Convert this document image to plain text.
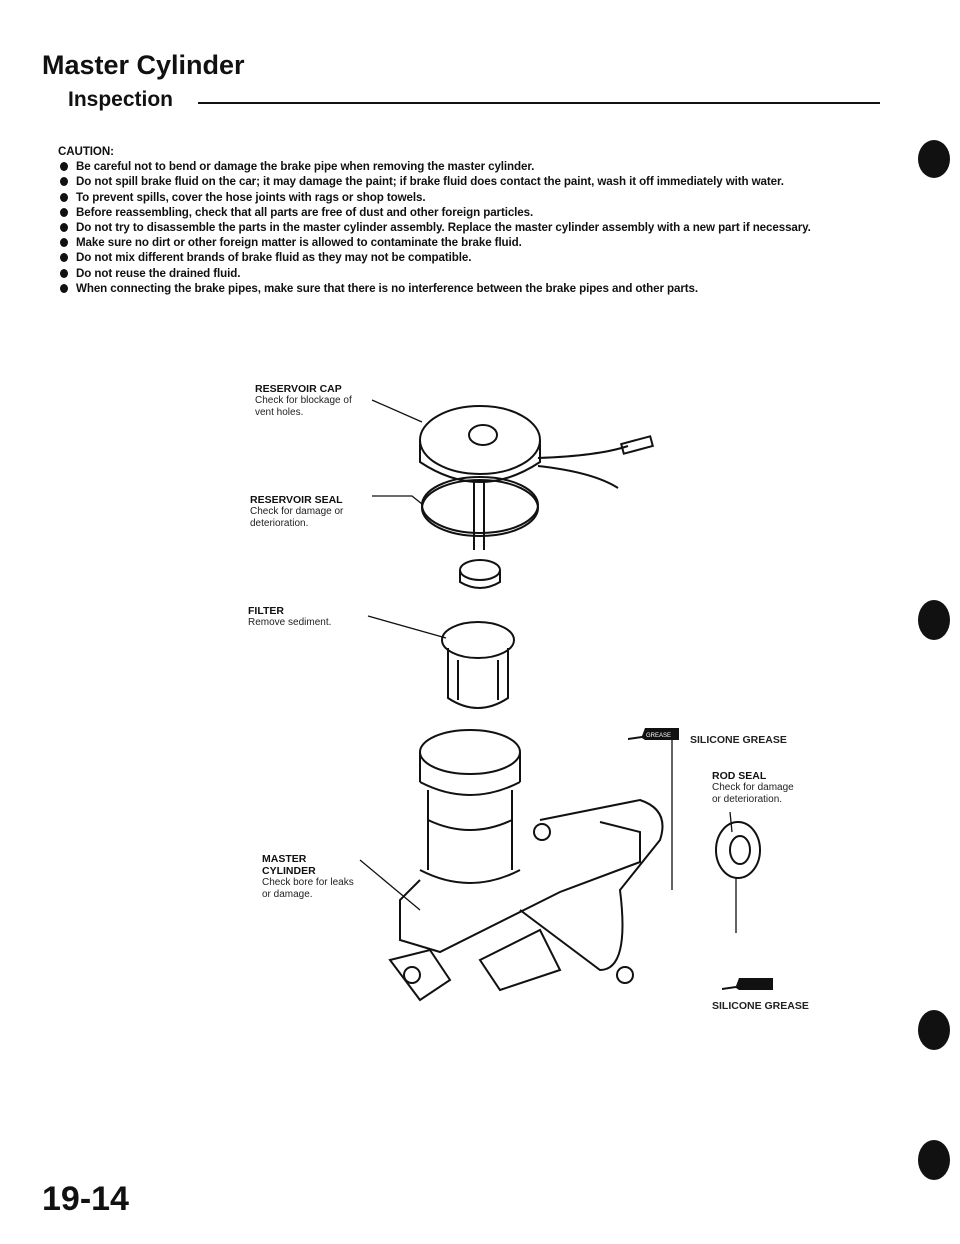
Master Cylinder
Inspection
CAUTION:
Be careful not to bend or damage the brake pipe when removing the master cylinder.
Do not spill brake fluid on the car; it may damage the paint; if brake fluid does contact the paint, wash it off immediately with water.
To prevent spills, cover the hose joints with rags or shop towels.
Before reassembling, check that all parts are free of dust and other foreign particles.
Do not try to disassemble the parts in the master cylinder assembly. Replace the master cylinder assembly with a new part if necessary.
Make sure no dirt or other foreign matter is allowed to contaminate the brake fluid.
Do not mix different brands of brake fluid as they may not be compatible.
Do not reuse the drained fluid.
When connecting the brake pipes, make sure that there is no interference between the brake pipes and other parts.
RESERVOIR CAP
Check for blockage of vent holes.
RESERVOIR SEAL
Check for damage or deterioration.
FILTER
Remove sediment.
MASTER CYLINDER
Check bore for leaks or damage.
ROD SEAL
Check for damage or deterioration.
SILICONE GREASE
SILICONE GREASE
GREASE
19-14
